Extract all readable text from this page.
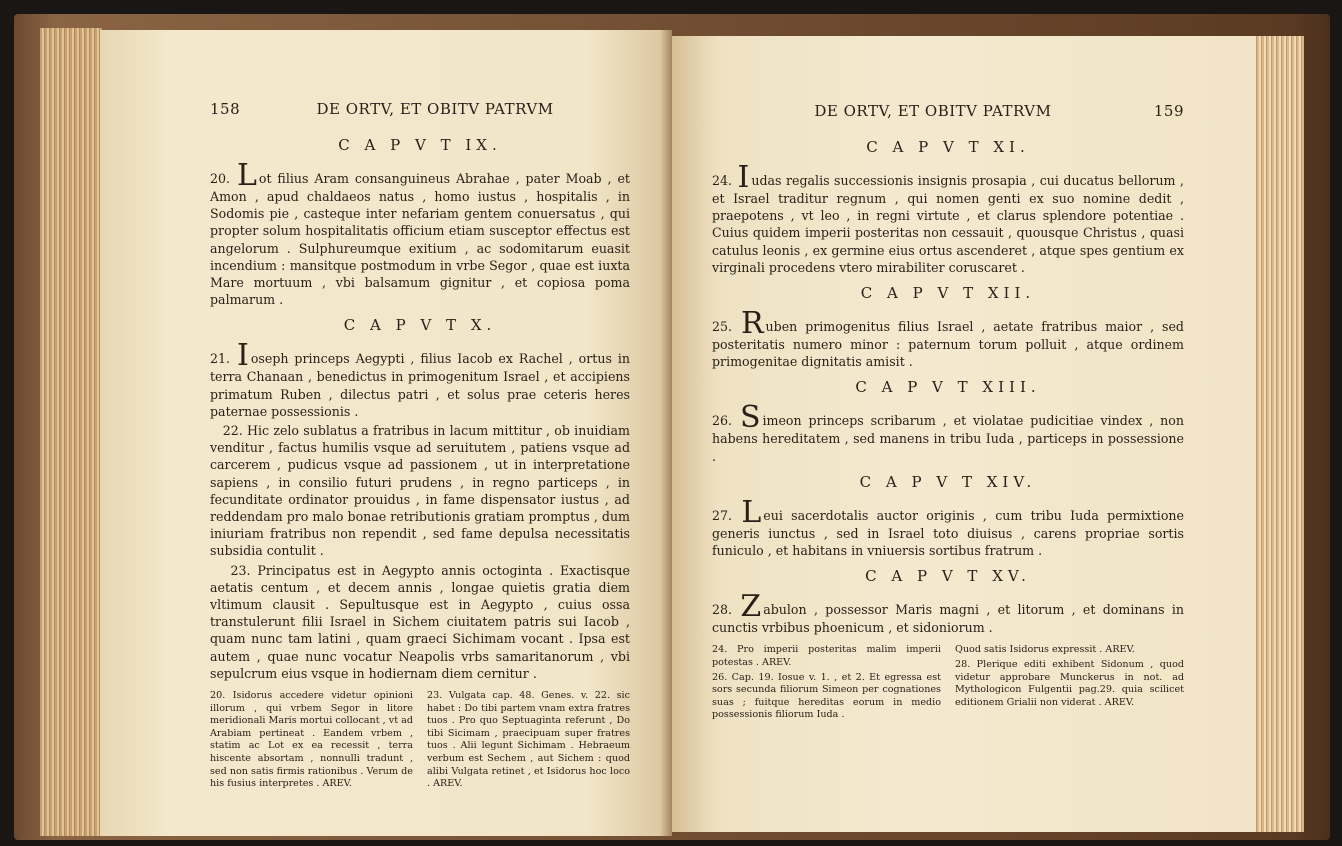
158	DE ORTV, ET OBITV PATRVM
C A P V T IX.

20. L ot filius Aram consanguineus Abrahae , pater Moab , et Amon , apud chaldaeos natus , homo iustus , hospitalis , in Sodomis pie , casteque inter nefariam gentem conuersatus , qui propter solum hospitalitatis officium etiam susceptor effectus est angelorum . Sulphureumque exitium , ac sodomitarum euasit incendium : mansitque postmodum in vrbe Segor , quae est iuxta Mare mortuum , vbi balsamum gignitur , et copiosa poma palmarum .

C A P V T X.

21. I oseph princeps Aegypti , filius Iacob ex Rachel , ortus in terra Chanaan , benedictus in primogenitum Israel , et accipiens primatum Ruben , dilectus patri , et solus prae ceteris heres paternae possessionis .

22. Hic zelo sublatus a fratribus in lacum mittitur , ob inuidiam venditur , factus humilis vsque ad seruitutem , patiens vsque ad carcerem , pudicus vsque ad passionem , ut in interpretatione sapiens , in consilio futuri prudens , in regno particeps , in fecunditate ordinator prouidus , in fame dispensator iustus , ad reddendam pro malo bonae retributionis gratiam promptus , dum iniuriam fratribus non rependit , sed fame depulsa necessitatis subsidia contulit .

23. Principatus est in Aegypto annis octoginta . Exactisque aetatis centum , et decem annis , longae quietis gratia diem vltimum clausit . Sepultusque est in Aegypto , cuius ossa transtulerunt filii Israel in Sichem ciuitatem patris sui Iacob , quam nunc tam latini , quam graeci Sichimam vocant . Ipsa est autem , quae nunc vocatur Neapolis vrbs samaritanorum , vbi sepulcrum eius vsque in hodiernam diem cernitur .

20. Isidorus accedere videtur opinioni illorum , qui vrbem Segor in litore meridionali Maris mortui collocant , vt ad Arabiam pertineat . Eandem vrbem , statim ac Lot ex ea recessit , terra hiscente absortam , nonnulli tradunt , sed non satis firmis rationibus . Verum de his fusius interpretes . AREV.

23. Vulgata cap. 48. Genes. v. 22. sic habet : Do tibi partem vnam extra fratres tuos . Pro quo Septuaginta referunt , Do tibi Sicimam , praecipuam super fratres tuos . Alii legunt Sichimam . Hebraeum verbum est Sechem , aut Sichem : quod alibi Vulgata retinet , et Isidorus hoc loco . AREV.

DE ORTV, ET OBITV PATRVM	159
C A P V T XI.

24. I udas regalis successionis insignis prosapia , cui ducatus bellorum , et Israel traditur regnum , qui nomen genti ex suo nomine dedit , praepotens , vt leo , in regni virtute , et clarus splendore potentiae . Cuius quidem imperii posteritas non cessauit , quousque Christus , quasi catulus leonis , ex germine eius ortus ascenderet , atque spes gentium ex virginali procedens vtero mirabiliter coruscaret .

C A P V T XII.

25. R uben primogenitus filius Israel , aetate fratribus maior , sed posteritatis numero minor : paternum torum polluit , atque ordinem primogenitae dignitatis amisit .

C A P V T XIII.

26. S imeon princeps scribarum , et violatae pudicitiae vindex , non habens hereditatem , sed manens in tribu Iuda , particeps in possessione .

C A P V T XIV.

27. L eui sacerdotalis auctor originis , cum tribu Iuda permixtione generis iunctus , sed in Israel toto diuisus , carens propriae sortis funiculo , et habitans in vniuersis sortibus fratrum .

C A P V T XV.

28. Z abulon , possessor Maris magni , et litorum , et dominans in cunctis vrbibus phoenicum , et sidoniorum .

24. Pro imperii posteritas malim imperii potestas . AREV.

26. Cap. 19. Iosue v. 1. , et 2. Et egressa est sors secunda filiorum Simeon per cognationes suas ; fuitque hereditas eorum in medio possessionis filiorum Iuda .

Quod satis Isidorus expressit . AREV.

28. Plerique editi exhibent Sidonum , quod videtur approbare Munckerus in not. ad Mythologicon Fulgentii pag.29. quia scilicet editionem Grialii non viderat . AREV.
